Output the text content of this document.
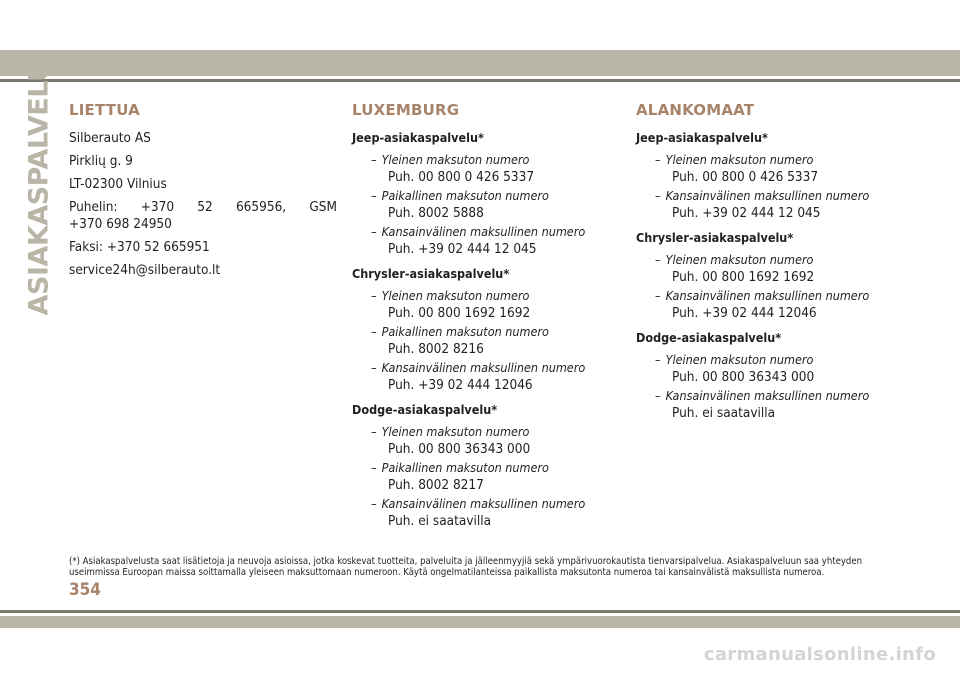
ASIAKASPALVELU LIETTUA
Silberauto AS
Pirklių g. 9
LT-02300 Vilnius
Puhelin: +370 52 665956, GSM
+370 698 24950
Faksi: +370 52 665951
service24h@silberauto.lt
LUXEMBURG
Jeep-asiakaspalvelu*
– Yleinen maksuton numero
Puh. 00 800 0 426 5337
– Paikallinen maksuton numero
Puh. 8002 5888
– Kansainvälinen maksullinen numero
Puh. +39 02 444 12 045
Chrysler-asiakaspalvelu*
– Yleinen maksuton numero
Puh. 00 800 1692 1692
– Paikallinen maksuton numero
Puh. 8002 8216
– Kansainvälinen maksullinen numero
Puh. +39 02 444 12046
Dodge-asiakaspalvelu*
– Yleinen maksuton numero
Puh. 00 800 36343 000
– Paikallinen maksuton numero
Puh. 8002 8217
– Kansainvälinen maksullinen numero
Puh. ei saatavilla
ALANKOMAAT
Jeep-asiakaspalvelu*
– Yleinen maksuton numero
Puh. 00 800 0 426 5337
– Kansainvälinen maksullinen numero
Puh. +39 02 444 12 045
Chrysler-asiakaspalvelu*
– Yleinen maksuton numero
Puh. 00 800 1692 1692
– Kansainvälinen maksullinen numero
Puh. +39 02 444 12046
Dodge-asiakaspalvelu*
– Yleinen maksuton numero
Puh. 00 800 36343 000
– Kansainvälinen maksullinen numero
Puh. ei saatavilla
(*) Asiakaspalvelusta saat lisätietoja ja neuvoja asioissa, jotka koskevat tuotteita, palveluita ja jälleenmyyjiä sekä ympärivuorokautista tienvarsipalvelua. Asiakaspalveluun saa yhteyden useimmissa Euroopan maissa soittamalla yleiseen maksuttomaan numeroon. Käytä ongelmatilanteissa paikallista maksutonta numeroa tai kansainvälistä maksullista numeroa.
354
carmanualsonline.info
